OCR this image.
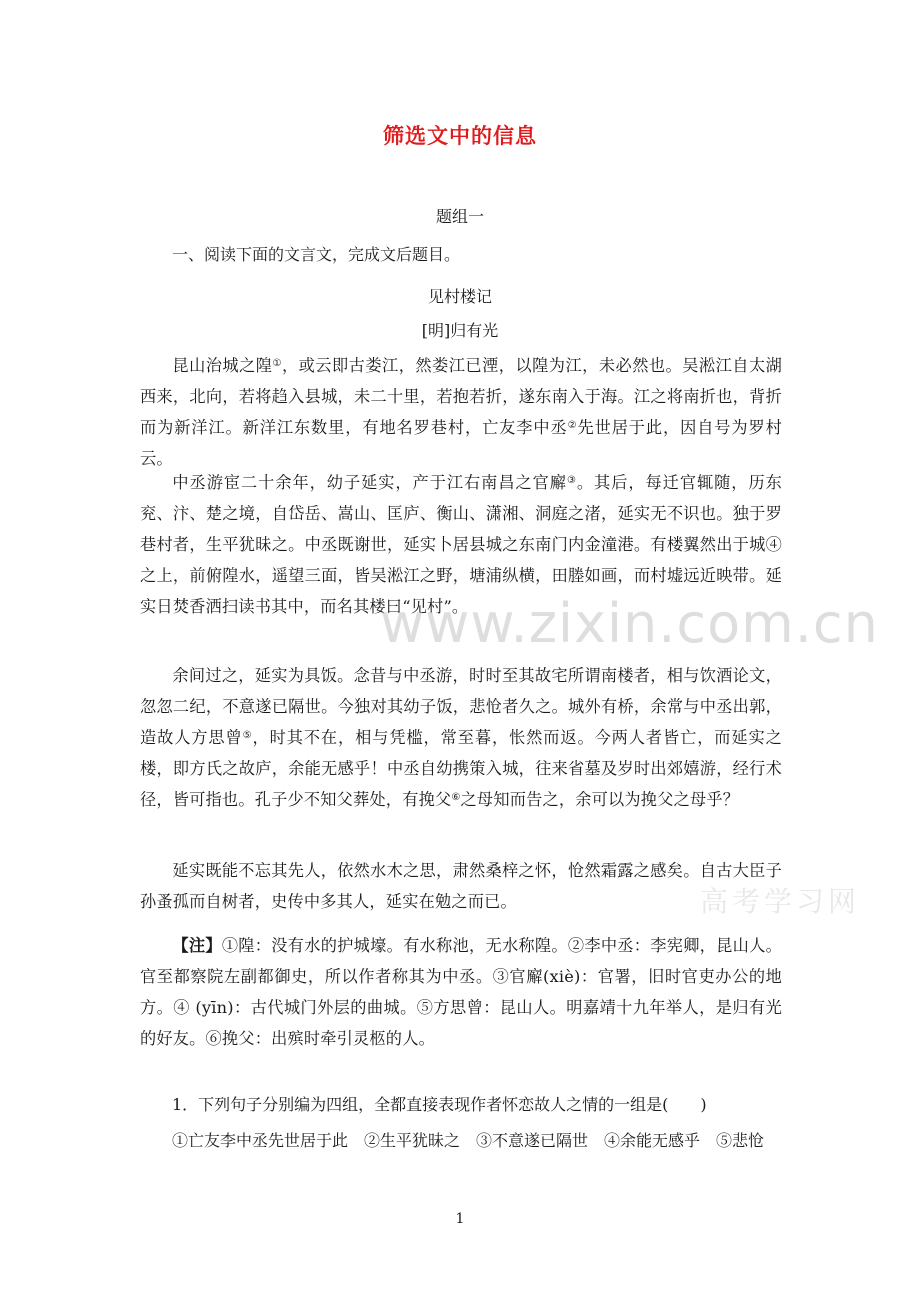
筛选文中的信息
题组一
一、阅读下面的文言文，完成文后题目。
见村楼记
[明]归有光
昆山治城之隍①，或云即古娄江，然娄江已湮，以隍为江，未必然也。吴淞江自太湖西来，北向，若将趋入县城，未二十里，若抱若折，遂东南入于海。江之将南折也，背折而为新洋江。新洋江东数里，有地名罗巷村，亡友李中丞②先世居于此，因自号为罗村云。
中丞游宦二十余年，幼子延实，产于江右南昌之官廨③。其后，每迁官辄随，历东兖、汴、楚之境，自岱岳、嵩山、匡庐、衡山、潇湘、洞庭之渚，延实无不识也。独于罗巷村者，生平犹昧之。中丞既谢世，延实卜居县城之东南门内金潼港。有楼翼然出于城④之上，前俯隍水，遥望三面，皆吴淞江之野，塘浦纵横，田塍如画，而村墟远近映带。延实日焚香洒扫读书其中，而名其楼曰“见村”。
余间过之，延实为具饭。念昔与中丞游，时时至其故宅所谓南楼者，相与饮酒论文，忽忽二纪，不意遂已隔世。今独对其幼子饭，悲怆者久之。城外有桥，余常与中丞出郭，造故人方思曾⑤，时其不在，相与凭槛，常至暮，怅然而返。今两人者皆亡，而延实之楼，即方氏之故庐，余能无感乎！中丞自幼携策入城，往来省墓及岁时出郊嬉游，经行术径，皆可指也。孔子少不知父葬处，有挽父⑥之母知而告之，余可以为挽父之母乎？
延实既能不忘其先人，依然水木之思，肃然桑梓之怀，怆然霜露之感矣。自古大臣子孙蚤孤而自树者，史传中多其人，延实在勉之而已。
【注】①隍：没有水的护城壕。有水称池，无水称隍。②李中丞：李宪卿，昆山人。官至都察院左副都御史，所以作者称其为中丞。③官廨(xiè)：官署，旧时官吏办公的地方。④ (yīn)：古代城门外层的曲城。⑤方思曾：昆山人。明嘉靖十九年举人，是归有光的好友。⑥挽父：出殡时牵引灵柩的人。
1．下列句子分别编为四组，全都直接表现作者怀恋故人之情的一组是(　　)
①亡友李中丞先世居于此　②生平犹昧之　③不意遂已隔世　④余能无感乎　⑤悲怆
www.zixin.com.cn
高考学习网
1
